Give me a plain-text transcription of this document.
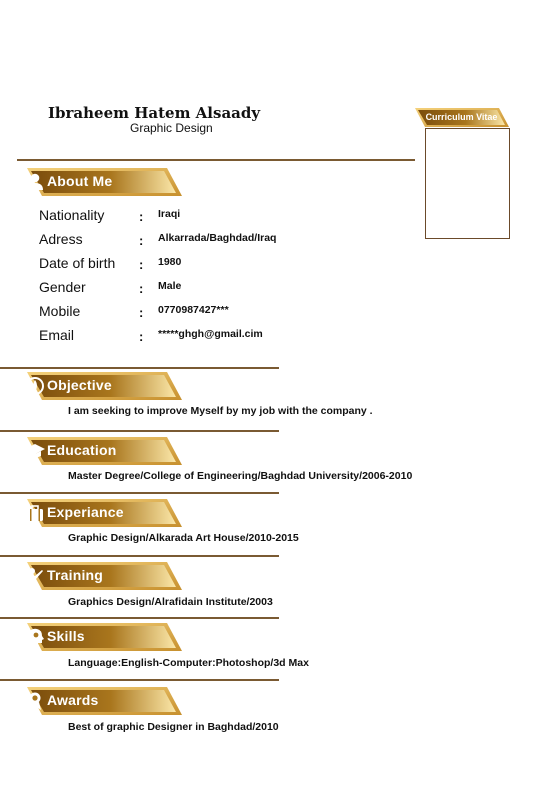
Ibraheem Hatem Alsaady
Graphic Design
Curriculum Vitae
About Me
Nationality	: Iraqi
Adress	: Alkarrada/Baghdad/Iraq
Date of birth : 1980
Gender	: Male
Mobile	: 0770987427***
Email	: *****ghgh@gmail.cim
Objective
I am seeking to improve Myself by my job with the company .
Education
Master Degree/College of Engineering/Baghdad University/2006-2010
Experiance
Graphic Design/Alkarada Art House/2010-2015
Training
Graphics Design/Alrafidain Institute/2003
Skills
Language:English-Computer:Photoshop/3d Max
Awards
Best of graphic Designer in Baghdad/2010
